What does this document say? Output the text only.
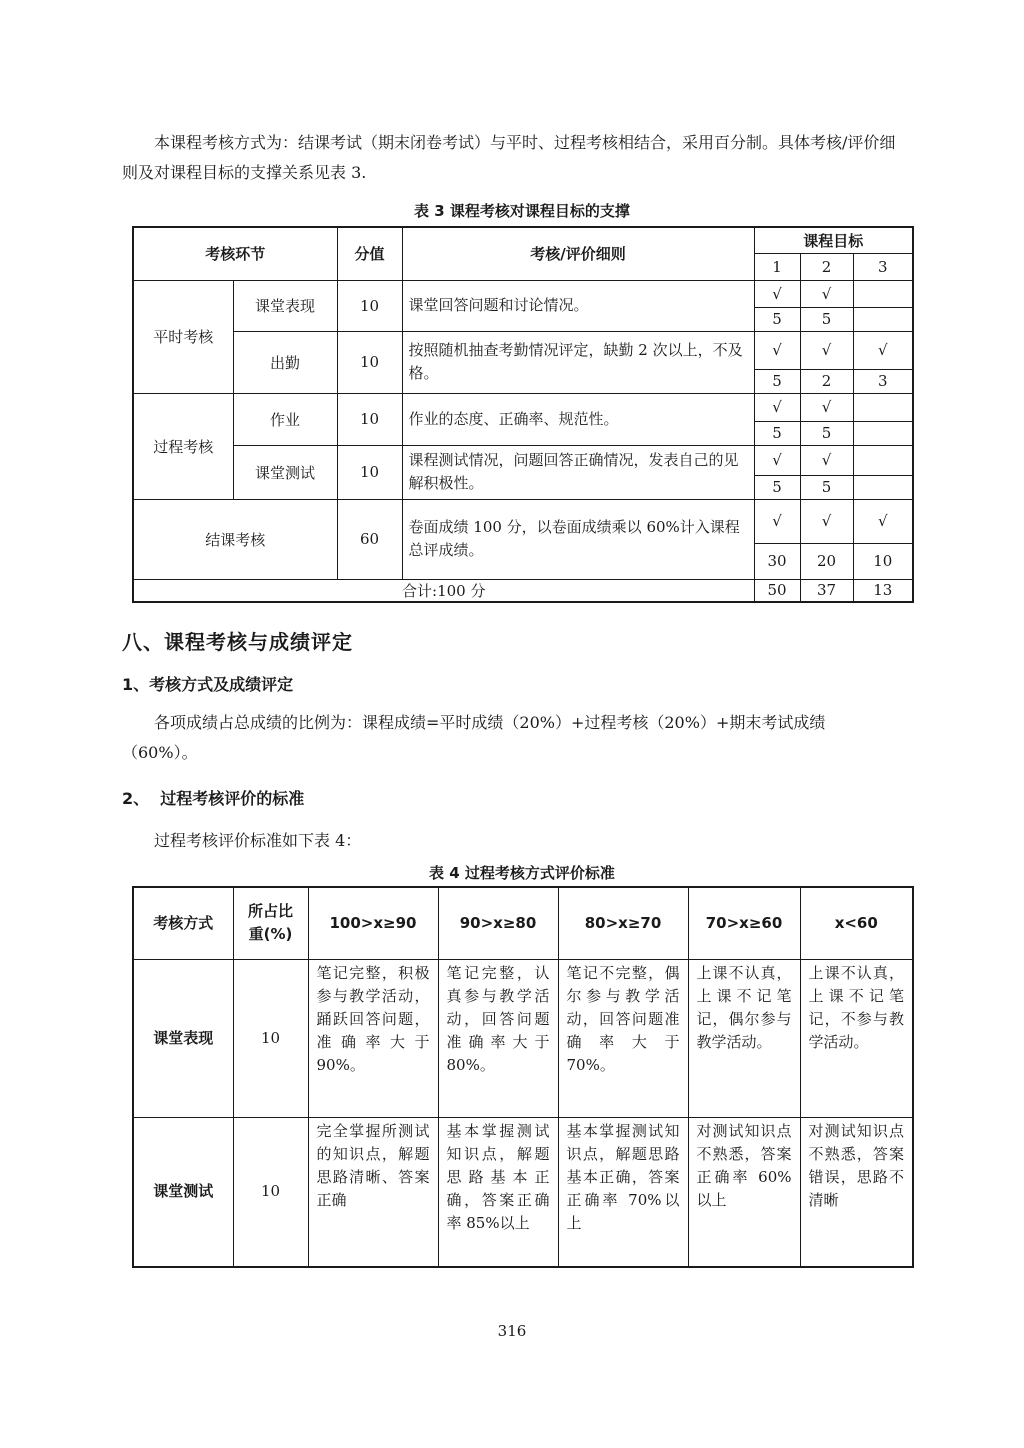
本课程考核方式为：结课考试（期末闭卷考试）与平时、过程考核相结合，采用百分制。具体考核/评价细则及对课程目标的支撑关系见表 3.
表 3 课程考核对课程目标的支撑
考核环节		分值	考核/评价细则	课程目标		
				1	2	3
平时考核	课堂表现	10	课堂回答问题和讨论情况。	√	√	
				5	5	
	出勤	10	按照随机抽查考勤情况评定，缺勤 2 次以上，不及格。	√	√	√
				5	2	3
过程考核	作业	10	作业的态度、正确率、规范性。	√	√	
				5	5	
	课堂测试	10	课程测试情况，问题回答正确情况，发表自己的见解积极性。	√	√	
				5	5	
结课考核		60	卷面成绩 100 分，以卷面成绩乘以 60%计入课程总评成绩。	√	√	√
				30	20	10
合计:100 分				50	37	13
八、课程考核与成绩评定
1、考核方式及成绩评定
各项成绩占总成绩的比例为：课程成绩=平时成绩（20%）+过程考核（20%）+期末考试成绩（60%）。
2、  过程考核评价的标准
过程考核评价标准如下表 4：
表 4 过程考核方式评价标准
考核方式	所占比重(%)	100>x≥90	90>x≥80	80>x≥70	70>x≥60	x<60
课堂表现	10	笔记完整，积极参与教学活动，踊跃回答问题，准确率大于 90%。	笔记完整，认真参与教学活动，回答问题准确率大于 80%。	笔记不完整，偶尔参与教学活动，回答问题准确率大于 70%。	上课不认真，上课不记笔记，偶尔参与教学活动。	上课不认真， 上课不记笔记，不参与教学活动。
课堂测试	10	完全掌握所测试的知识点，解题思路清晰、答案正确	基本掌握测试知识点，解题思路基本正确，答案正确率 85%以上	基本掌握测试知识点，解题思路基本正确，答案正确率 70%以上	对测试知识点不熟悉，答案正确率 60%以上	对测试知识点不熟悉，答案错误，思路不清晰
316
